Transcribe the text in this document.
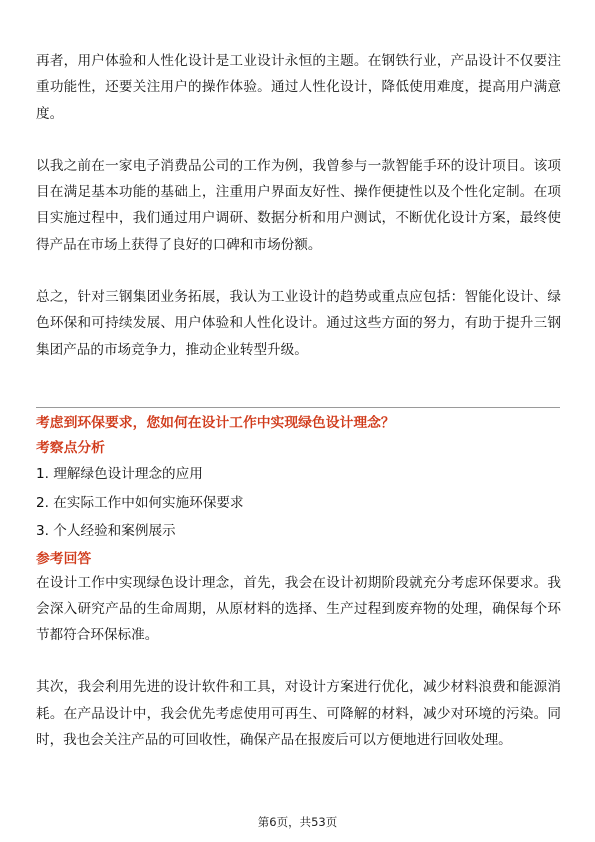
再者，用户体验和人性化设计是工业设计永恒的主题。在钢铁行业，产品设计不仅要注重功能性，还要关注用户的操作体验。通过人性化设计，降低使用难度，提高用户满意度。

以我之前在一家电子消费品公司的工作为例，我曾参与一款智能手环的设计项目。该项目在满足基本功能的基础上，注重用户界面友好性、操作便捷性以及个性化定制。在项目实施过程中，我们通过用户调研、数据分析和用户测试，不断优化设计方案，最终使得产品在市场上获得了良好的口碑和市场份额。

总之，针对三钢集团业务拓展，我认为工业设计的趋势或重点应包括：智能化设计、绿色环保和可持续发展、用户体验和人性化设计。通过这些方面的努力，有助于提升三钢集团产品的市场竞争力，推动企业转型升级。

考虑到环保要求，您如何在设计工作中实现绿色设计理念？

考察点分析

1. 理解绿色设计理念的应用
2. 在实际工作中如何实施环保要求
3. 个人经验和案例展示

参考回答

在设计工作中实现绿色设计理念，首先，我会在设计初期阶段就充分考虑环保要求。我会深入研究产品的生命周期，从原材料的选择、生产过程到废弃物的处理，确保每个环节都符合环保标准。

其次，我会利用先进的设计软件和工具，对设计方案进行优化，减少材料浪费和能源消耗。在产品设计中，我会优先考虑使用可再生、可降解的材料，减少对环境的污染。同时，我也会关注产品的可回收性，确保产品在报废后可以方便地进行回收处理。

第6页，共53页
